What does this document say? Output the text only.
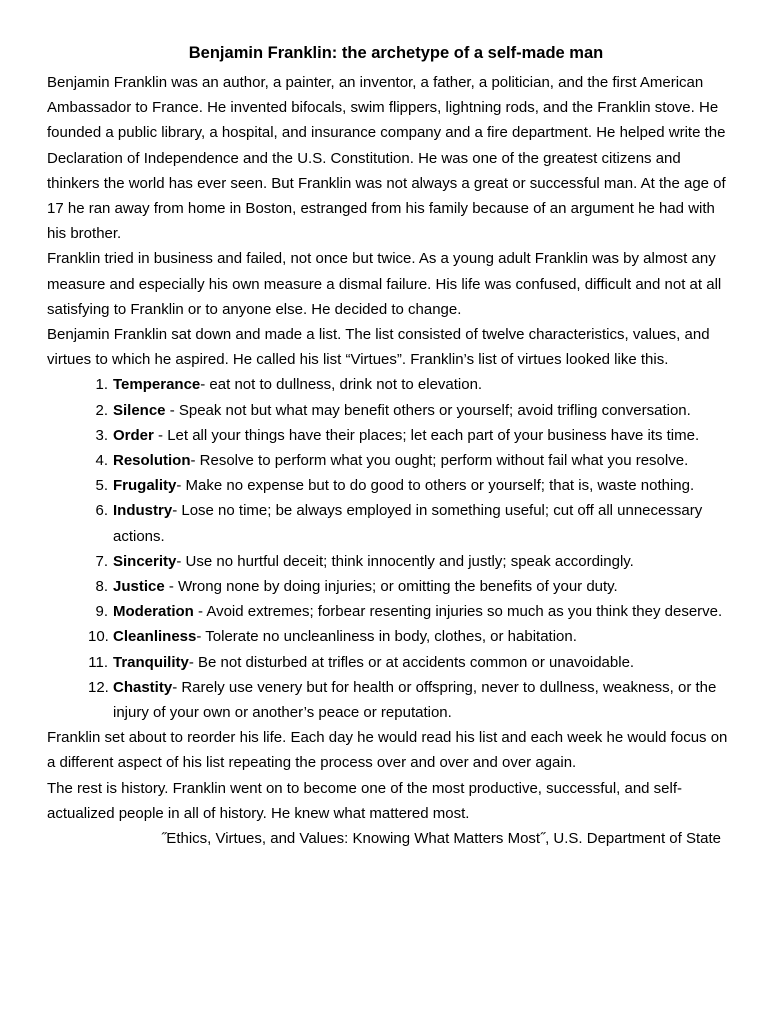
Benjamin Franklin: the archetype of a self-made man

Benjamin Franklin was an author, a painter, an inventor, a father, a politician, and the first American Ambassador to France. He invented bifocals, swim flippers, lightning rods, and the Franklin stove. He founded a public library, a hospital, and insurance company and a fire department. He helped write the Declaration of Independence and the U.S. Constitution. He was one of the greatest citizens and thinkers the world has ever seen. But Franklin was not always a great or successful man. At the age of 17 he ran away from home in Boston, estranged from his family because of an argument he had with his brother.

Franklin tried in business and failed, not once but twice. As a young adult Franklin was by almost any measure and especially his own measure a dismal failure. His life was confused, difficult and not at all satisfying to Franklin or to anyone else. He decided to change.

Benjamin Franklin sat down and made a list. The list consisted of twelve characteristics, values, and virtues to which he aspired. He called his list “Virtues”. Franklin’s list of virtues looked like this.

1. Temperance- eat not to dullness, drink not to elevation.
2. Silence - Speak not but what may benefit others or yourself; avoid trifling conversation.
3. Order - Let all your things have their places; let each part of your business have its time.
4. Resolution- Resolve to perform what you ought; perform without fail what you resolve.
5. Frugality- Make no expense but to do good to others or yourself; that is, waste nothing.
6. Industry- Lose no time; be always employed in something useful; cut off all unnecessary actions.
7. Sincerity- Use no hurtful deceit; think innocently and justly; speak accordingly.
8. Justice - Wrong none by doing injuries; or omitting the benefits of your duty.
9. Moderation - Avoid extremes; forbear resenting injuries so much as you think they deserve.
10. Cleanliness- Tolerate no uncleanliness in body, clothes, or habitation.
11. Tranquility- Be not disturbed at trifles or at accidents common or unavoidable.
12. Chastity- Rarely use venery but for health or offspring, never to dullness, weakness, or the injury of your own or another’s peace or reputation.

Franklin set about to reorder his life. Each day he would read his list and each week he would focus on a different aspect of his list repeating the process over and over and over again.

The rest is history. Franklin went on to become one of the most productive, successful, and self-actualized people in all of history. He knew what mattered most.

˝Ethics, Virtues, and Values: Knowing What Matters Most˝, U.S. Department of State
